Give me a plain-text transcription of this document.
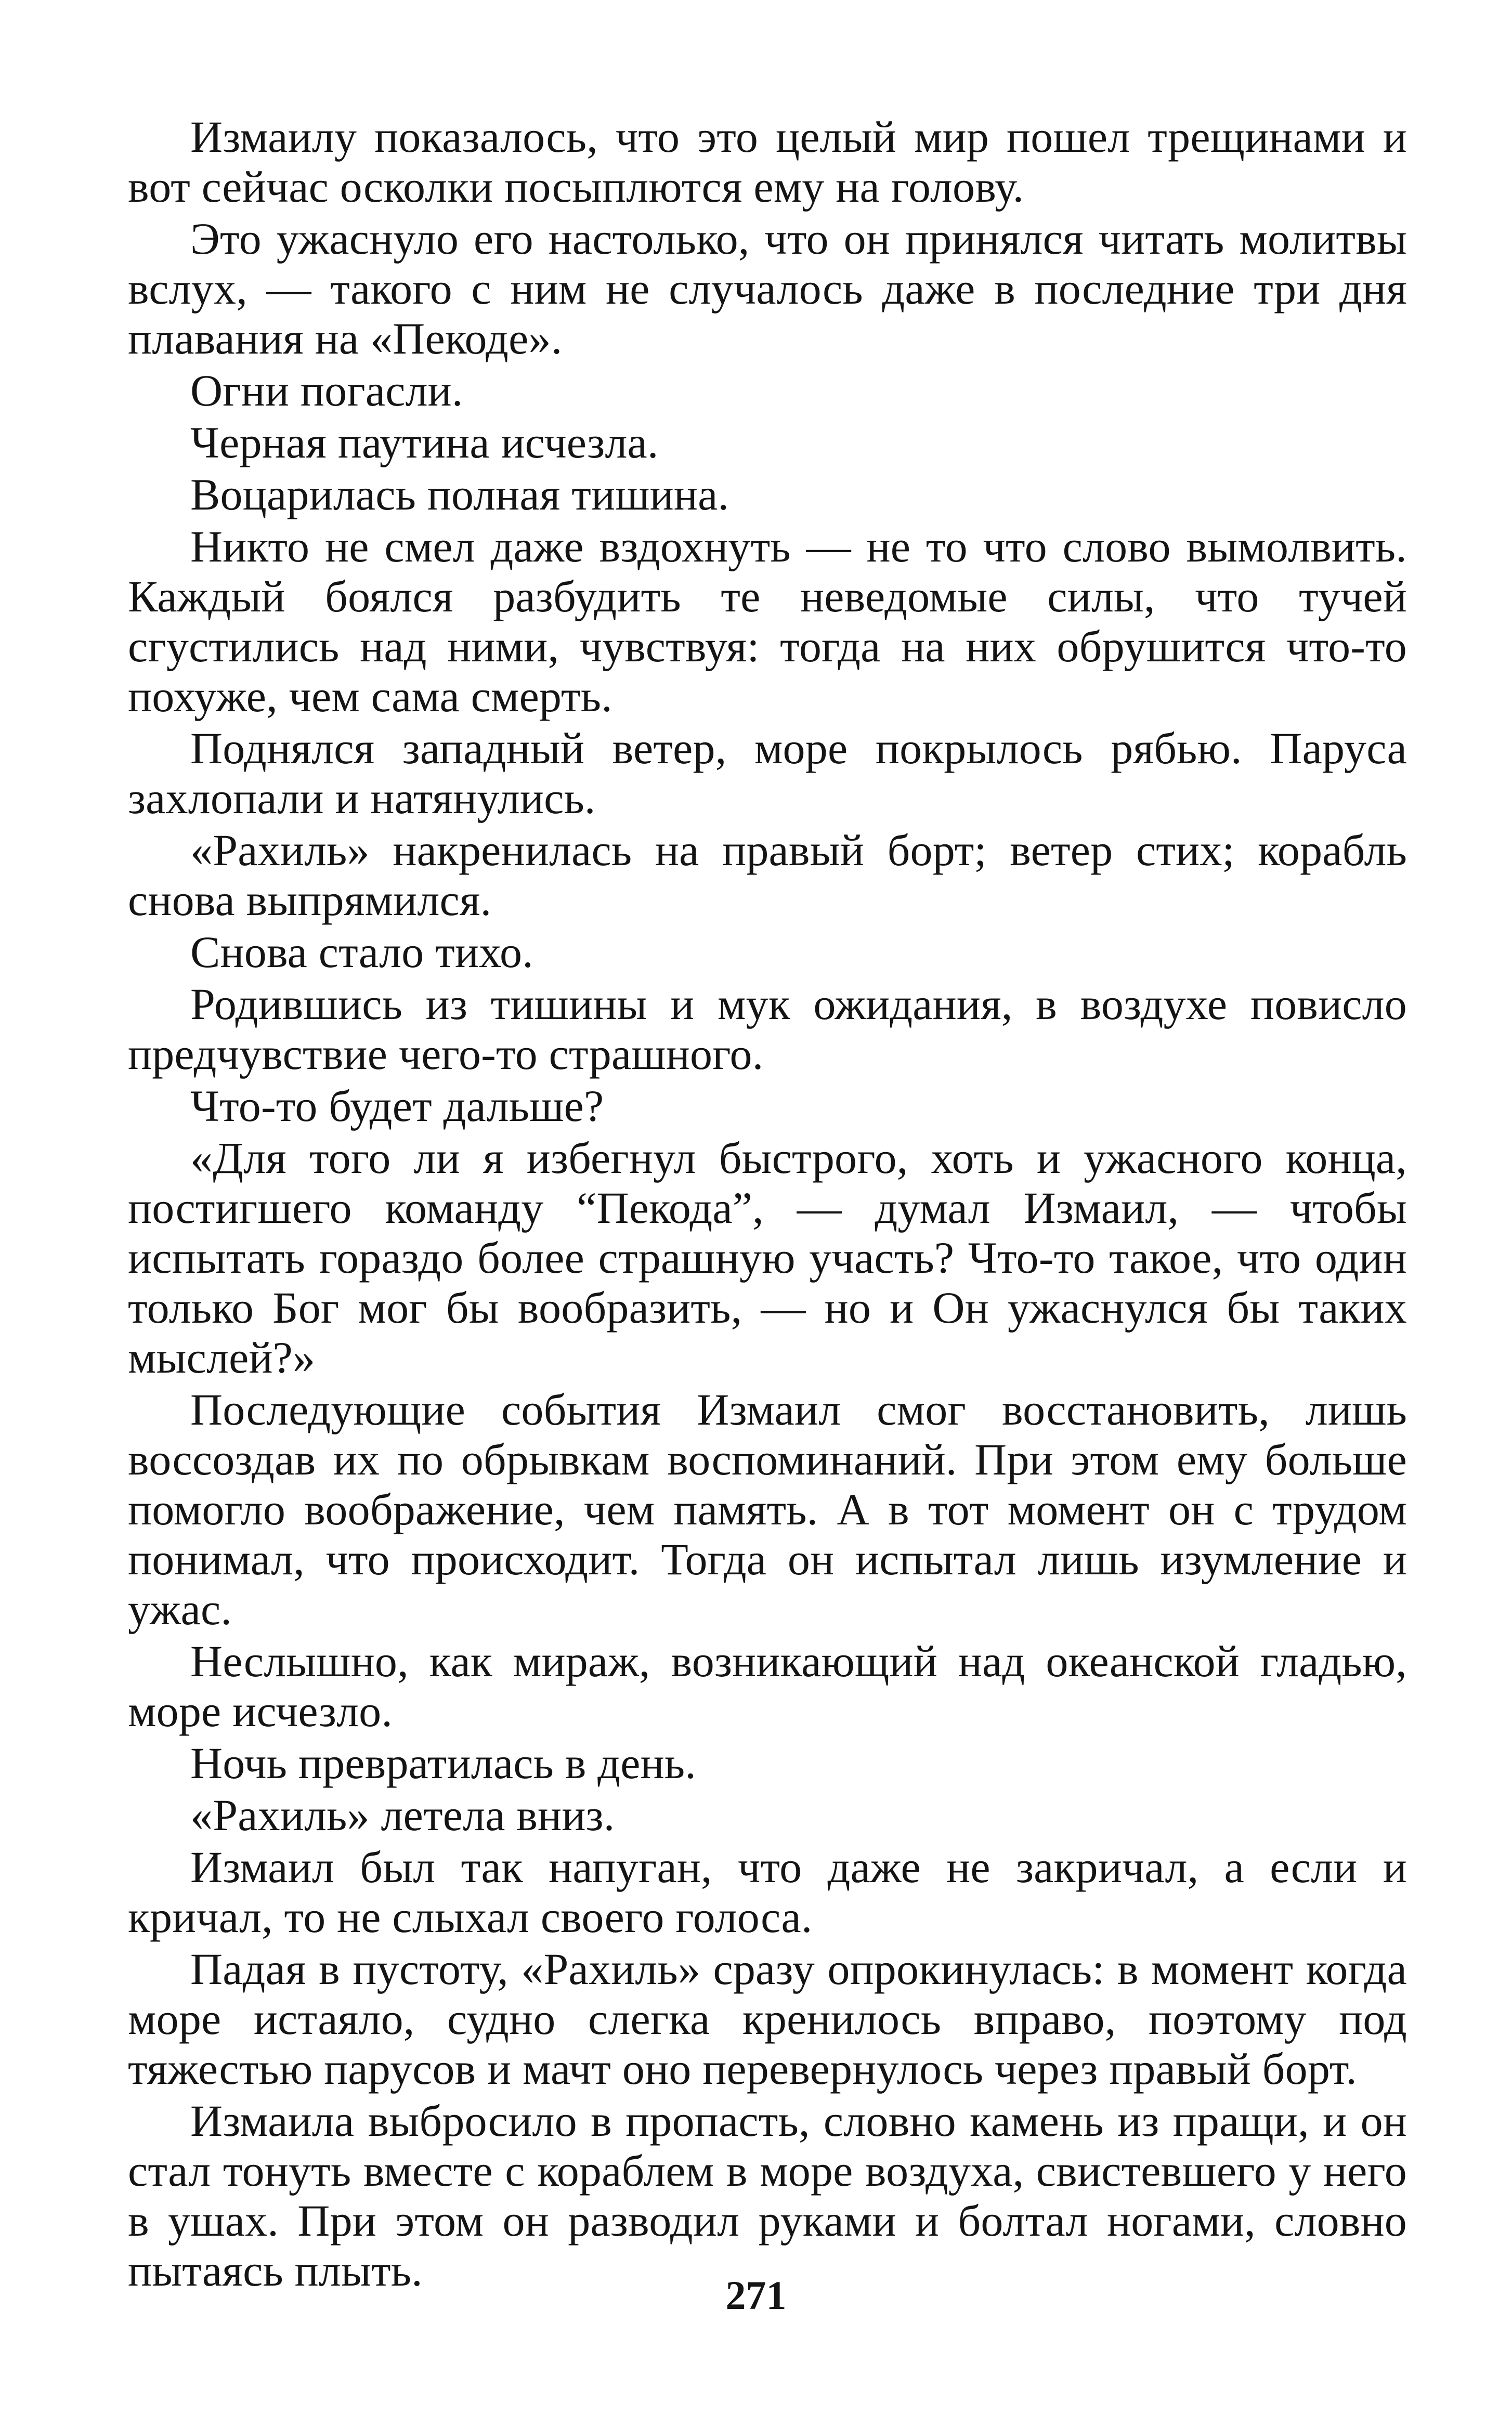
Измаилу показалось, что это целый мир пошел трещинами и вот сейчас осколки посыплются ему на голову.

Это ужаснуло его настолько, что он принялся читать молитвы вслух, — такого с ним не случалось даже в последние три дня плавания на «Пекоде».

Огни погасли.

Черная паутина исчезла.

Воцарилась полная тишина.

Никто не смел даже вздохнуть — не то что слово вымолвить. Каждый боялся разбудить те неведомые силы, что тучей сгустились над ними, чувствуя: тогда на них обрушится что-то похуже, чем сама смерть.

Поднялся западный ветер, море покрылось рябью. Паруса захлопали и натянулись.

«Рахиль» накренилась на правый борт; ветер стих; корабль снова выпрямился.

Снова стало тихо.

Родившись из тишины и мук ожидания, в воздухе повисло предчувствие чего-то страшного.

Что-то будет дальше?

«Для того ли я избегнул быстрого, хоть и ужасного конца, постигшего команду “Пекода”, — думал Измаил, — чтобы испытать гораздо более страшную участь? Что-то такое, что один только Бог мог бы вообразить, — но и Он ужаснулся бы таких мыслей?»

Последующие события Измаил смог восстановить, лишь воссоздав их по обрывкам воспоминаний. При этом ему больше помогло воображение, чем память. А в тот момент он с трудом понимал, что происходит. Тогда он испытал лишь изумление и ужас.

Неслышно, как мираж, возникающий над океанской гладью, море исчезло.

Ночь превратилась в день.

«Рахиль» летела вниз.

Измаил был так напуган, что даже не закричал, а если и кричал, то не слыхал своего голоса.

Падая в пустоту, «Рахиль» сразу опрокинулась: в момент когда море истаяло, судно слегка кренилось вправо, поэтому под тяжестью парусов и мачт оно перевернулось через правый борт.

Измаила выбросило в пропасть, словно камень из пращи, и он стал тонуть вместе с кораблем в море воздуха, свистевшего у него в ушах. При этом он разводил руками и болтал ногами, словно пытаясь плыть.	271
